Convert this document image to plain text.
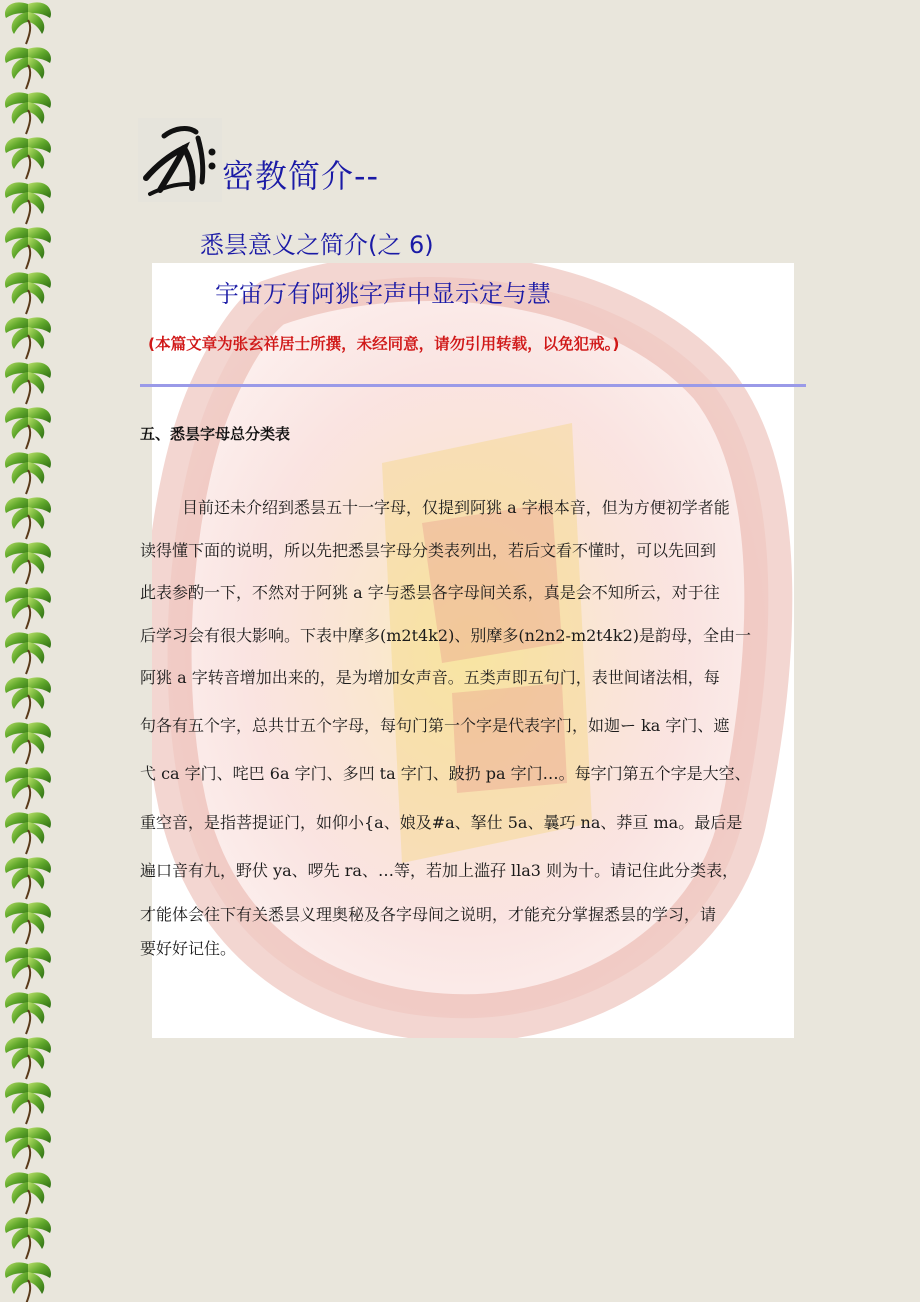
密教简介--
悉昙意义之简介(之 6)
宇宙万有阿狣字声中显示定与慧
(本篇文章为张玄祥居士所撰，未经同意，请勿引用转载，以免犯戒。)
五、悉昙字母总分类表
目前还未介绍到悉昙五十一字母，仅提到阿狣 a 字根本音，但为方便初学者能
读得懂下面的说明，所以先把悉昙字母分类表列出，若后文看不懂时，可以先回到
此表参酌一下，不然对于阿狣 a 字与悉昙各字母间关系，真是会不知所云，对于往
后学习会有很大影响。下表中摩多(m2t4k2)、别摩多(n2n2-m2t4k2)是韵母，全由一
阿狣 a 字转音增加出来的，是为增加女声音。五类声即五句门，表世间诸法相，每
句各有五个字，总共廿五个字母，每句门第一个字是代表字门，如迦ー ka 字门、遮
弋 ca 字门、咤巴 6a 字门、多凹 ta 字门、跛扔 pa 字门…。每字门第五个字是大空、
重空音，是指菩提证门，如仰小{a、娘及#a、拏仕 5a、曩巧 na、莽亘 ma。最后是
遍口音有九，野伏 ya、啰先 ra、…等，若加上滥孖 lla3 则为十。请记住此分类表，
才能体会往下有关悉昙义理奥秘及各字母间之说明，才能充分掌握悉昙的学习，请
要好好记住。
